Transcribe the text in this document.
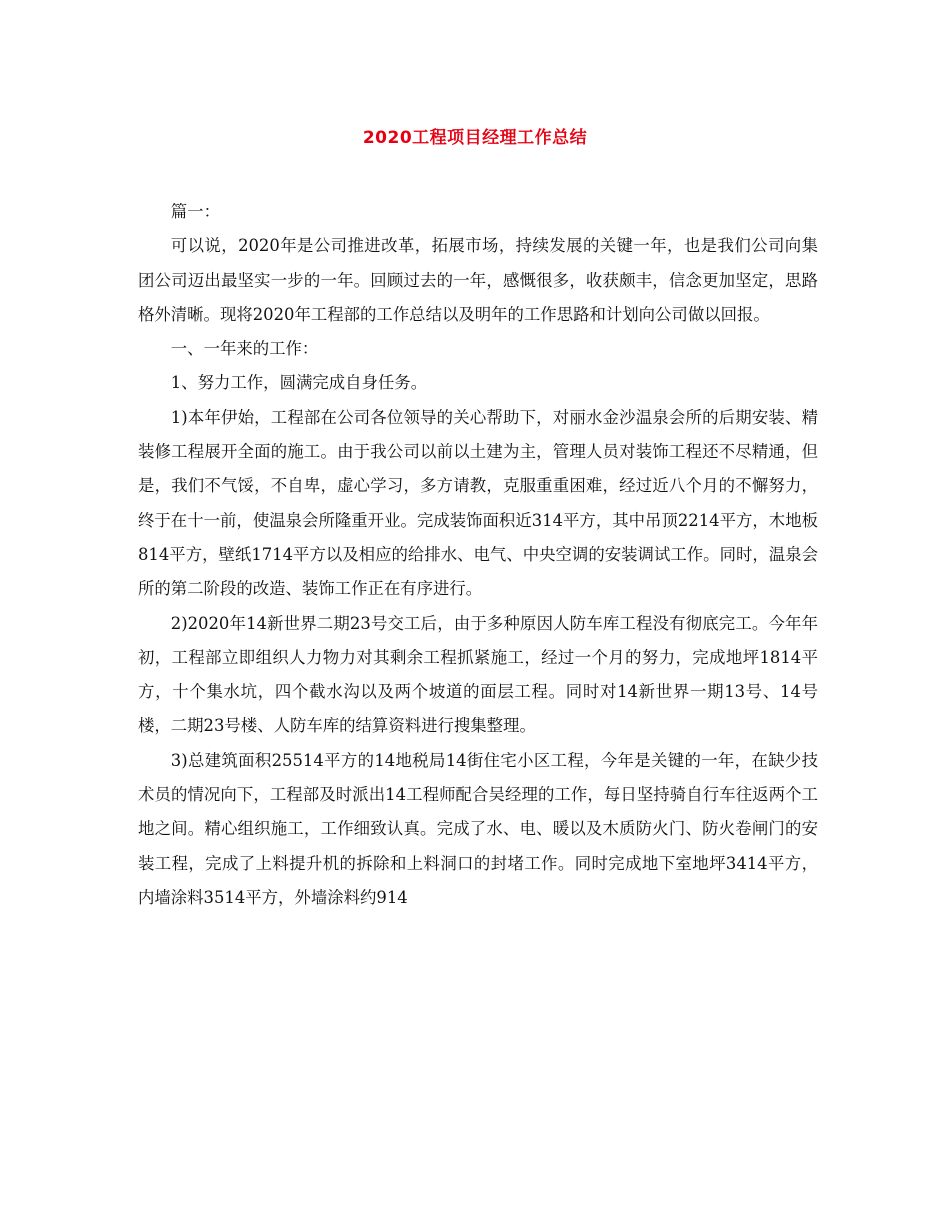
2020工程项目经理工作总结

篇一：

可以说，2020年是公司推进改革，拓展市场，持续发展的关键一年，也是我们公司向集团公司迈出最坚实一步的一年。回顾过去的一年，感慨很多，收获颇丰，信念更加坚定，思路格外清晰。现将2020年工程部的工作总结以及明年的工作思路和计划向公司做以回报。

一、一年来的工作：

1、努力工作，圆满完成自身任务。

1)本年伊始，工程部在公司各位领导的关心帮助下，对丽水金沙温泉会所的后期安装、精装修工程展开全面的施工。由于我公司以前以土建为主，管理人员对装饰工程还不尽精通，但是，我们不气馁，不自卑，虚心学习，多方请教，克服重重困难，经过近八个月的不懈努力，终于在十一前，使温泉会所隆重开业。完成装饰面积近314平方，其中吊顶2214平方，木地板814平方，壁纸1714平方以及相应的给排水、电气、中央空调的安装调试工作。同时，温泉会所的第二阶段的改造、装饰工作正在有序进行。

2)2020年14新世界二期23号交工后，由于多种原因人防车库工程没有彻底完工。今年年初，工程部立即组织人力物力对其剩余工程抓紧施工，经过一个月的努力，完成地坪1814平方，十个集水坑，四个截水沟以及两个坡道的面层工程。同时对14新世界一期13号、14号楼，二期23号楼、人防车库的结算资料进行搜集整理。

3)总建筑面积25514平方的14地税局14街住宅小区工程，今年是关键的一年，在缺少技术员的情况向下，工程部及时派出14工程师配合吴经理的工作，每日坚持骑自行车往返两个工地之间。精心组织施工，工作细致认真。完成了水、电、暖以及木质防火门、防火卷闸门的安装工程，完成了上料提升机的拆除和上料洞口的封堵工作。同时完成地下室地坪3414平方，内墙涂料3514平方，外墙涂料约914
